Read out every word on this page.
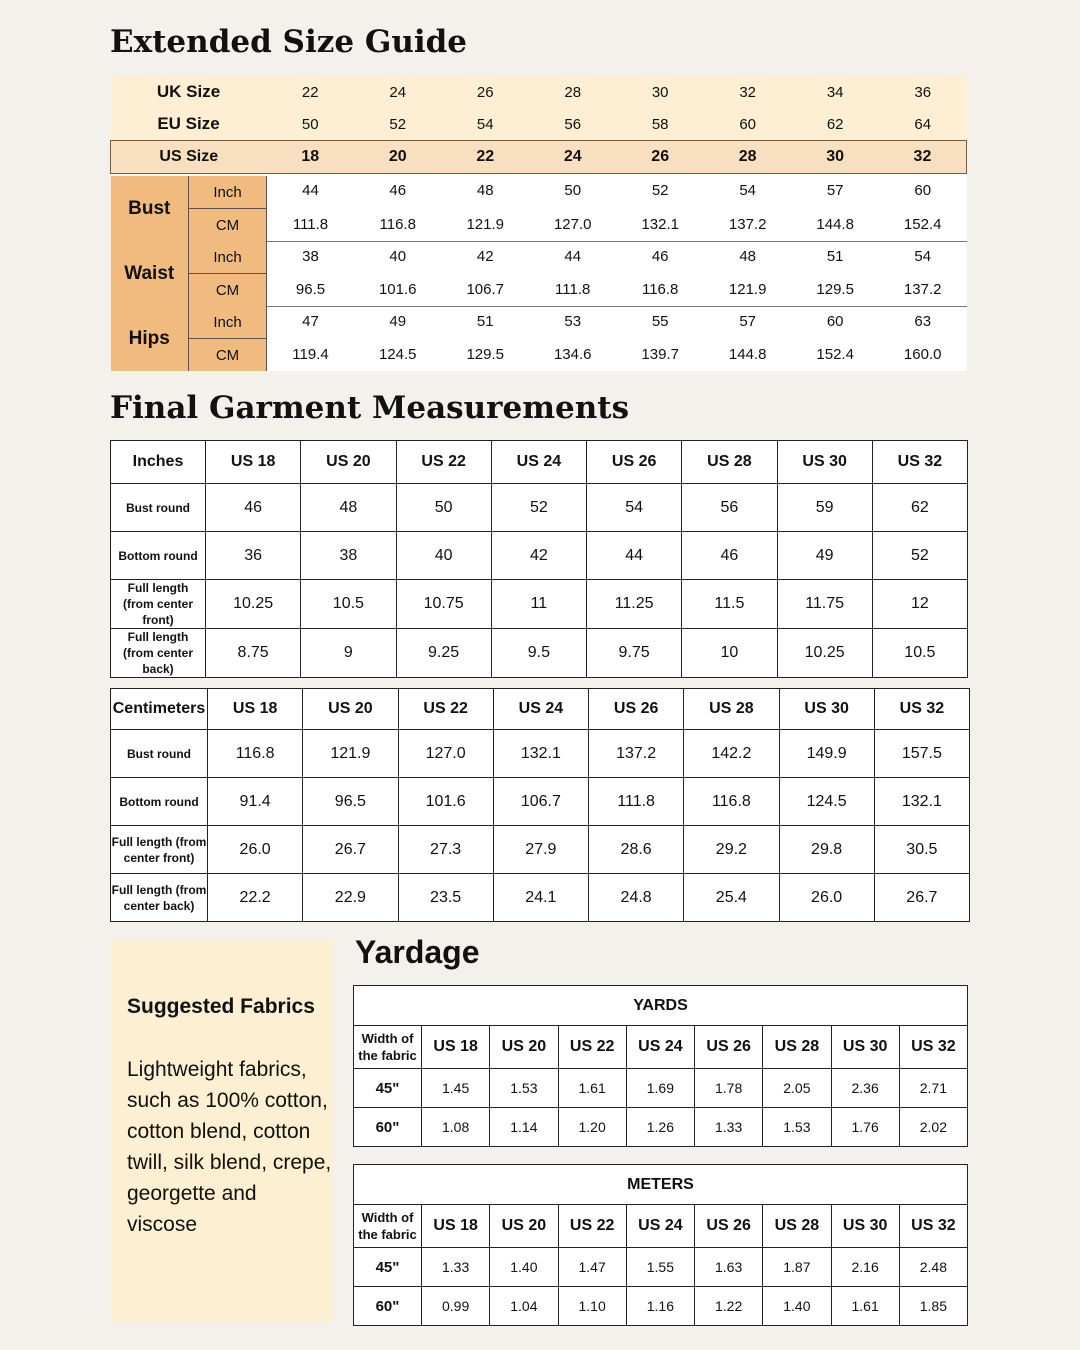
Extended Size Guide
UK Size		22	24	26	28	30	32	34	36
EU Size		50	52	54	56	58	60	62	64
US Size		18	20	22	24	26	28	30	32

Bust	Inch	44	46	48	50	52	54	57	60
	CM	111.8	116.8	121.9	127.0	132.1	137.2	144.8	152.4
Waist	Inch	38	40	42	44	46	48	51	54
	CM	96.5	101.6	106.7	111.8	116.8	121.9	129.5	137.2
Hips	Inch	47	49	51	53	55	57	60	63
	CM	119.4	124.5	129.5	134.6	139.7	144.8	152.4	160.0
Final Garment Measurements
Inches	US 18	US 20	US 22	US 24	US 26	US 28	US 30	US 32
Bust round	46	48	50	52	54	56	59	62
Bottom round	36	38	40	42	44	46	49	52
Full length (from center front)	10.25	10.5	10.75	11	11.25	11.5	11.75	12
Full length (from center back)	8.75	9	9.25	9.5	9.75	10	10.25	10.5
Centimeters	US 18	US 20	US 22	US 24	US 26	US 28	US 30	US 32
Bust round	116.8	121.9	127.0	132.1	137.2	142.2	149.9	157.5
Bottom round	91.4	96.5	101.6	106.7	111.8	116.8	124.5	132.1
Full length (from center front)	26.0	26.7	27.3	27.9	28.6	29.2	29.8	30.5
Full length (from center back)	22.2	22.9	23.5	24.1	24.8	25.4	26.0	26.7
Suggested Fabrics
Lightweight fabrics, such as 100% cotton, cotton blend, cotton twill, silk blend, crepe, georgette and viscose
Yardage
YARDS								
Width of the fabric	US 18	US 20	US 22	US 24	US 26	US 28	US 30	US 32
45"	1.45	1.53	1.61	1.69	1.78	2.05	2.36	2.71
60"	1.08	1.14	1.20	1.26	1.33	1.53	1.76	2.02
METERS								
Width of the fabric	US 18	US 20	US 22	US 24	US 26	US 28	US 30	US 32
45"	1.33	1.40	1.47	1.55	1.63	1.87	2.16	2.48
60"	0.99	1.04	1.10	1.16	1.22	1.40	1.61	1.85
